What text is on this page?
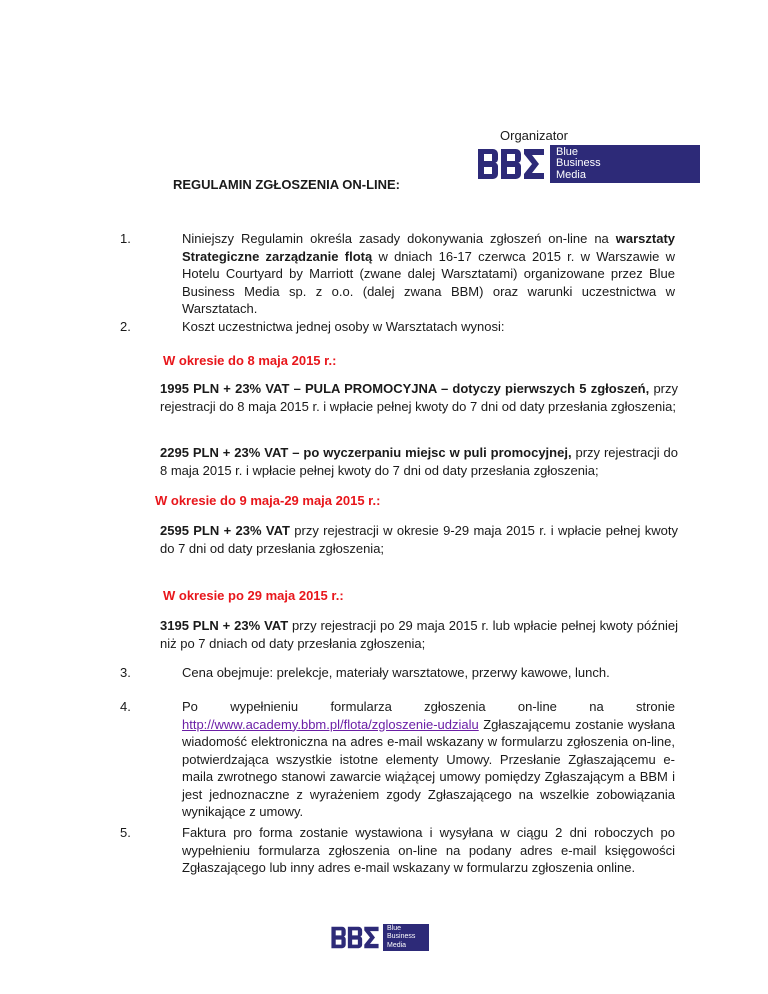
Organizator
Blue
Business
Media
REGULAMIN ZGŁOSZENIA ON-LINE:
1.	Niniejszy Regulamin określa zasady dokonywania zgłoszeń on-line na warsztaty Strategiczne zarządzanie flotą w dniach 16-17 czerwca 2015 r. w Warszawie w Hotelu Courtyard by Marriott (zwane dalej Warsztatami) organizowane przez Blue Business Media sp. z o.o. (dalej zwana BBM) oraz warunki uczestnictwa w Warsztatach.
2.	Koszt uczestnictwa jednej osoby w Warsztatach wynosi:
W okresie do 8 maja 2015 r.:
1995 PLN + 23% VAT – PULA PROMOCYJNA – dotyczy pierwszych 5 zgłoszeń, przy rejestracji do 8 maja 2015 r. i wpłacie pełnej kwoty do 7 dni od daty przesłania zgłoszenia;
2295 PLN + 23% VAT – po wyczerpaniu miejsc w puli promocyjnej, przy rejestracji do 8 maja 2015 r. i wpłacie pełnej kwoty do 7 dni od daty przesłania zgłoszenia;
W okresie do 9 maja-29 maja 2015 r.:
2595 PLN + 23% VAT przy rejestracji w okresie 9-29 maja 2015 r. i wpłacie pełnej kwoty do 7 dni od daty przesłania zgłoszenia;
W okresie po 29 maja 2015 r.:
3195 PLN + 23% VAT przy rejestracji po 29 maja 2015 r. lub wpłacie pełnej kwoty później niż po 7 dniach od daty przesłania zgłoszenia;
3.	Cena obejmuje: prelekcje, materiały warsztatowe, przerwy kawowe, lunch.
4.	Po wypełnieniu formularza zgłoszenia on-line na stronie http://www.academy.bbm.pl/flota/zgloszenie-udzialu Zgłaszającemu zostanie wysłana wiadomość elektroniczna na adres e-mail wskazany w formularzu zgłoszenia on-line, potwierdzająca wszystkie istotne elementy Umowy. Przesłanie Zgłaszającemu e-maila zwrotnego stanowi zawarcie wiążącej umowy pomiędzy Zgłaszającym a BBM i jest jednoznaczne z wyrażeniem zgody Zgłaszającego na wszelkie zobowiązania wynikające z umowy.
5.	Faktura pro forma zostanie wystawiona i wysyłana w ciągu 2 dni roboczych po wypełnieniu formularza zgłoszenia on-line na podany adres e-mail księgowości Zgłaszającego lub inny adres e-mail wskazany w formularzu zgłoszenia online.
Blue
Business
Media
